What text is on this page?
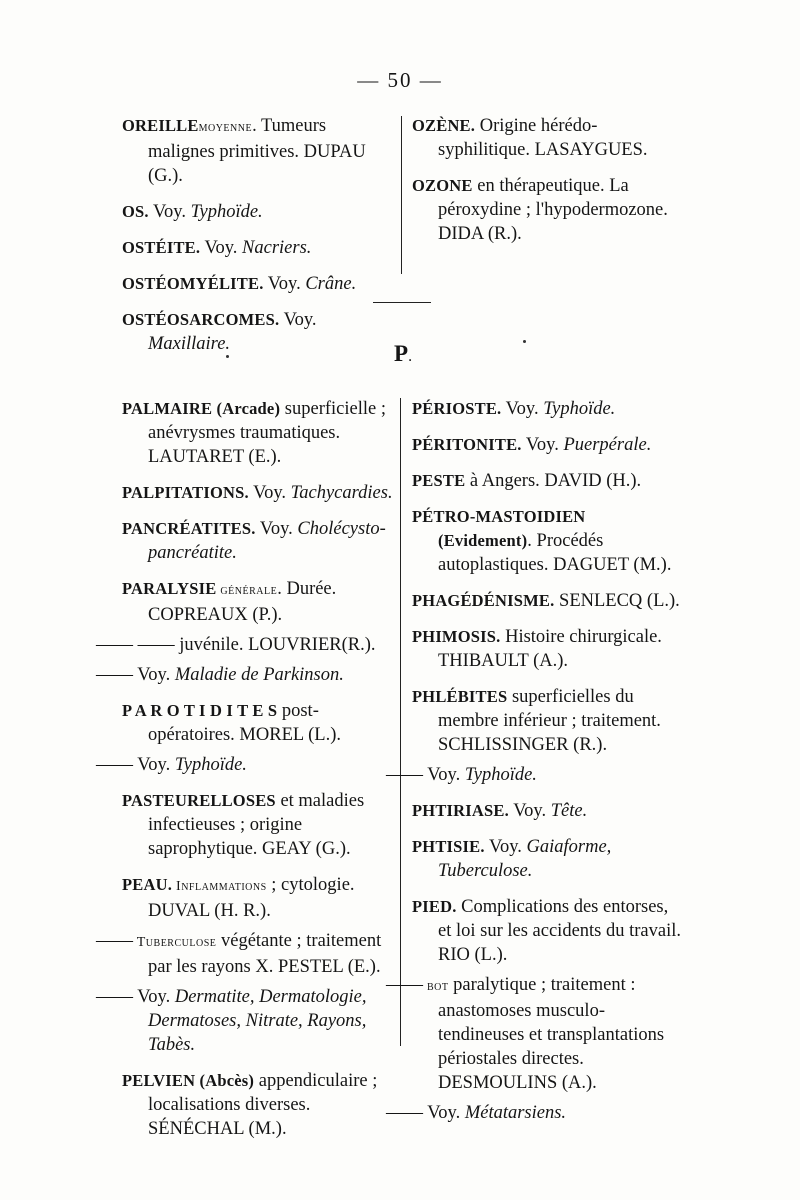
— 50 —
OREILLEmoyenne. Tumeurs malignes primitives. DUPAU (G.).
OS. Voy. Typhoïde.
OSTÉITE. Voy. Nacriers.
OSTÉOMYÉLITE. Voy. Crâne.
OSTÉOSARCOMES. Voy. Maxillaire.
OZÈNE. Origine hérédo-syphilitique. LASAYGUES.
OZONE en thérapeutique. La péroxydine ; l'hypodermozone. DIDA (R.).
P.
PALMAIRE (Arcade) superficielle ; anévrysmes traumatiques. LAUTARET (E.).
PALPITATIONS. Voy. Tachycardies.
PANCRÉATITES. Voy. Cholécysto-pancréatite.
PARALYSIE générale. Durée. COPREAUX (P.).
—— —— juvénile. LOUVRIER(R.).
—— Voy. Maladie de Parkinson.
P A R O T I D I T E S post-opératoires. MOREL (L.).
—— Voy. Typhoïde.
PASTEURELLOSES et maladies infectieuses ; origine saprophytique. GEAY (G.).
PEAU. Inflammations ; cytologie. DUVAL (H. R.).
—— Tuberculose végétante ; traitement par les rayons X. PESTEL (E.).
—— Voy. Dermatite, Dermatologie, Dermatoses, Nitrate, Rayons, Tabès.
PELVIEN (Abcès) appendiculaire ; localisations diverses. SÉNÉCHAL (M.).
PÉRIOSTE. Voy. Typhoïde.
PÉRITONITE. Voy. Puerpérale.
PESTE à Angers. DAVID (H.).
PÉTRO-MASTOIDIEN (Evidement). Procédés autoplastiques. DAGUET (M.).
PHAGÉDÉNISME. SENLECQ (L.).
PHIMOSIS. Histoire chirurgicale. THIBAULT (A.).
PHLÉBITES superficielles du membre inférieur ; traitement. SCHLISSINGER (R.).
—— Voy. Typhoïde.
PHTIRIASE. Voy. Tête.
PHTISIE. Voy. Gaiaforme, Tuberculose.
PIED. Complications des entorses, et loi sur les accidents du travail. RIO (L.).
—— bot paralytique ; traitement : anastomoses musculo-tendineuses et transplantations périostales directes. DESMOULINS (A.).
—— Voy. Métatarsiens.
